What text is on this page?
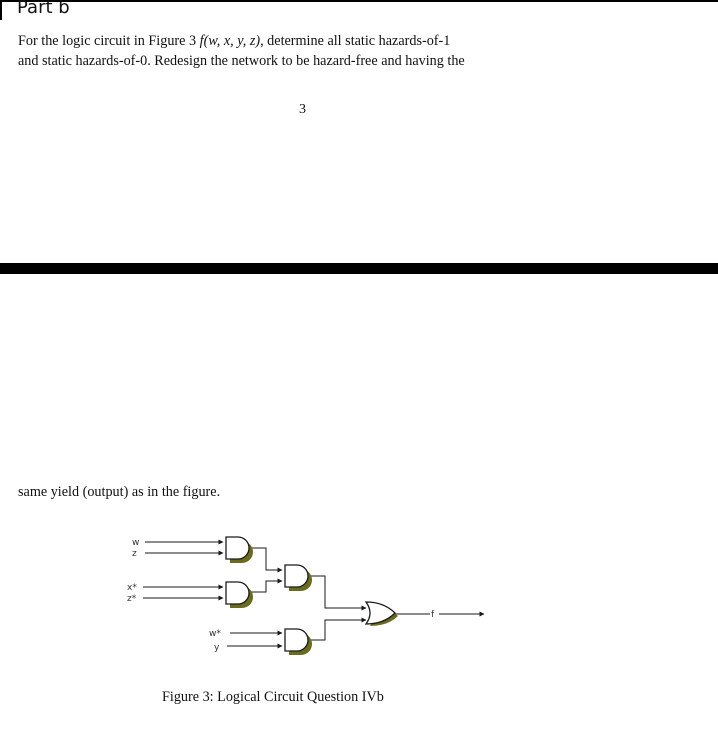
Part b
For the logic circuit in Figure 3 f(w, x, y, z), determine all static hazards-of-1
and static hazards-of-0. Redesign the network to be hazard-free and having the
3
same yield (output) as in the figure.
w
z
x*
z*
w*
y
f
Figure 3: Logical Circuit Question IVb
